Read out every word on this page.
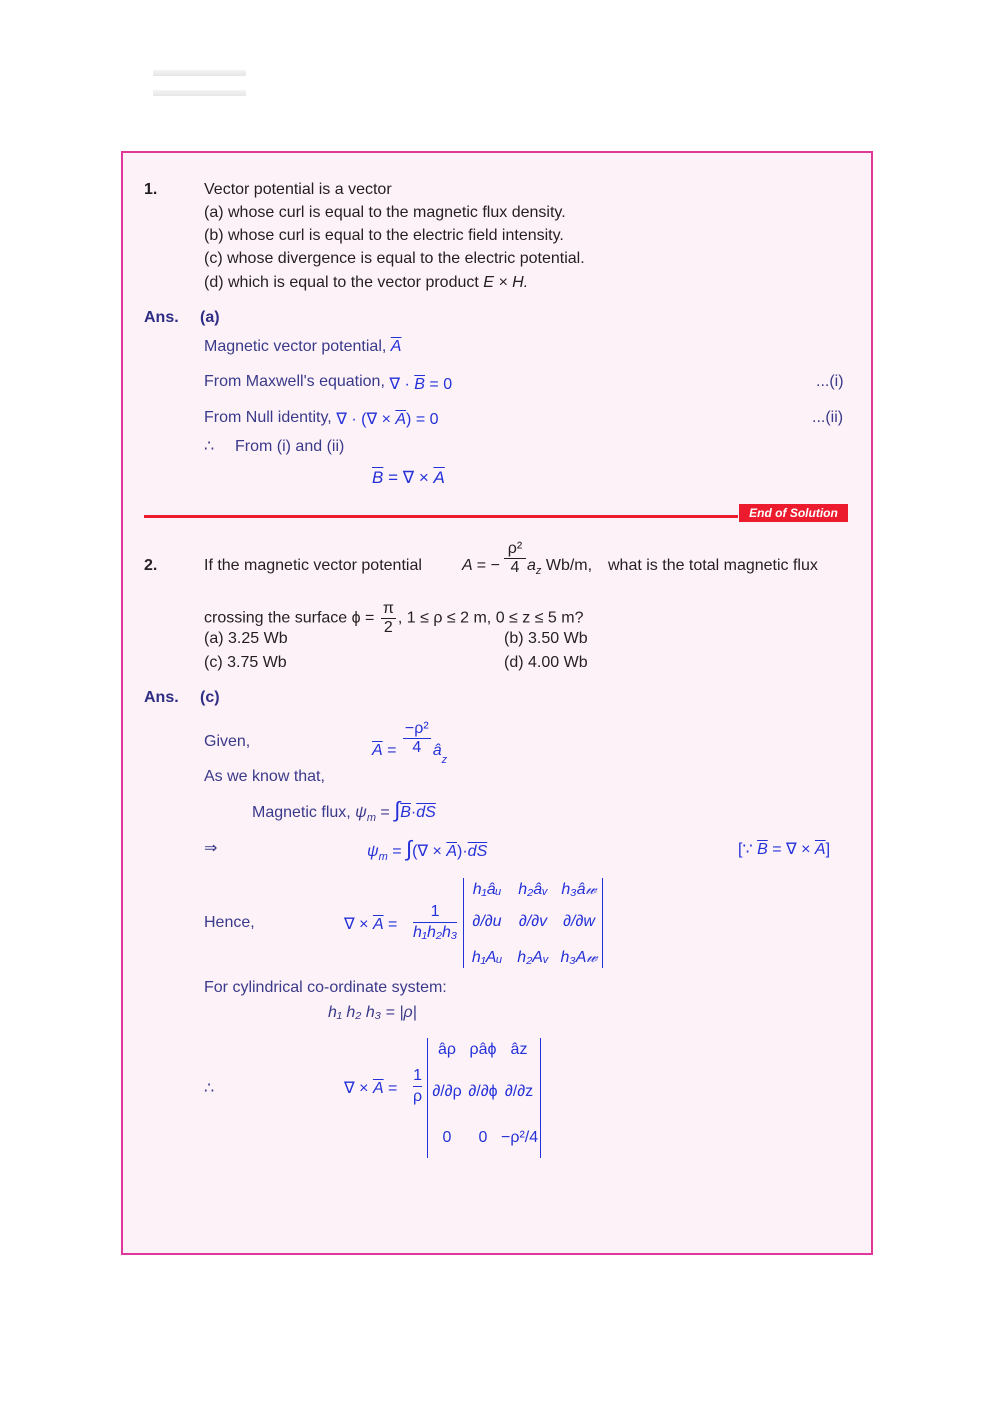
1.	Vector potential is a vector
(a) whose curl is equal to the magnetic flux density.
(b) whose curl is equal to the electric field intensity.
(c) whose divergence is equal to the electric potential.
(d) which is equal to the vector product E × H.
Ans. (a)
Magnetic vector potential, $\overline{A}$
From Maxwell's equation, ∇ · $\overline{B} = 0$	...(i)
From Null identity, ∇ · (∇ × $\overline{A}) = 0$	...(ii)
∴ From (i) and (ii)
$\overline{B}$ = ∇ × $\overline{A}$
End of Solution
2.	If the magnetic vector potential	A = − $\frac{\text{ρ²}}{4} a_z$ Wb/m, what is the total magnetic flux
crossing the surface $\phi = \frac{\pi}{2}$ , 1 ≤ ρ ≤ 2 m, 0 ≤ z ≤ 5 m?
(a) 3.25 Wb	(b) 3.50 Wb
(c) 3.75 Wb	(d) 4.00 Wb
Ans. (c)
Given,
$\overline{A} = \frac{\text{−ρ²}}{4}$ $â_z$
As we know that,
Magnetic flux, $\psi_m = \int\overline{B}\cdot\overline{dS}$
⇒	$\psi_m$ = ∫(∇ × $\overline{A})\cdot\overline{dS}$	[∵ $\overline{B}$ = ∇ × $\overline{A}$]
Hence,	∇ × $\overline{A} = \frac{1}{\text{h₁h₂h₃}}$
h₁âᵤ	h₂âᵥ h₃â𝓌
∂/∂u	∂/∂v ∂/∂w
h₁Aᵤ h₂Aᵥ h₃A𝓌
For cylindrical co-ordinate system:
h₁ h₂ h₃ = |ρ|
∴	∇ × $\overline{A} = \frac{1}{\rho}$
âρ ρâϕ âz
∂/∂ρ ∂/∂ϕ ∂/∂z
0	0 −ρ²/4
